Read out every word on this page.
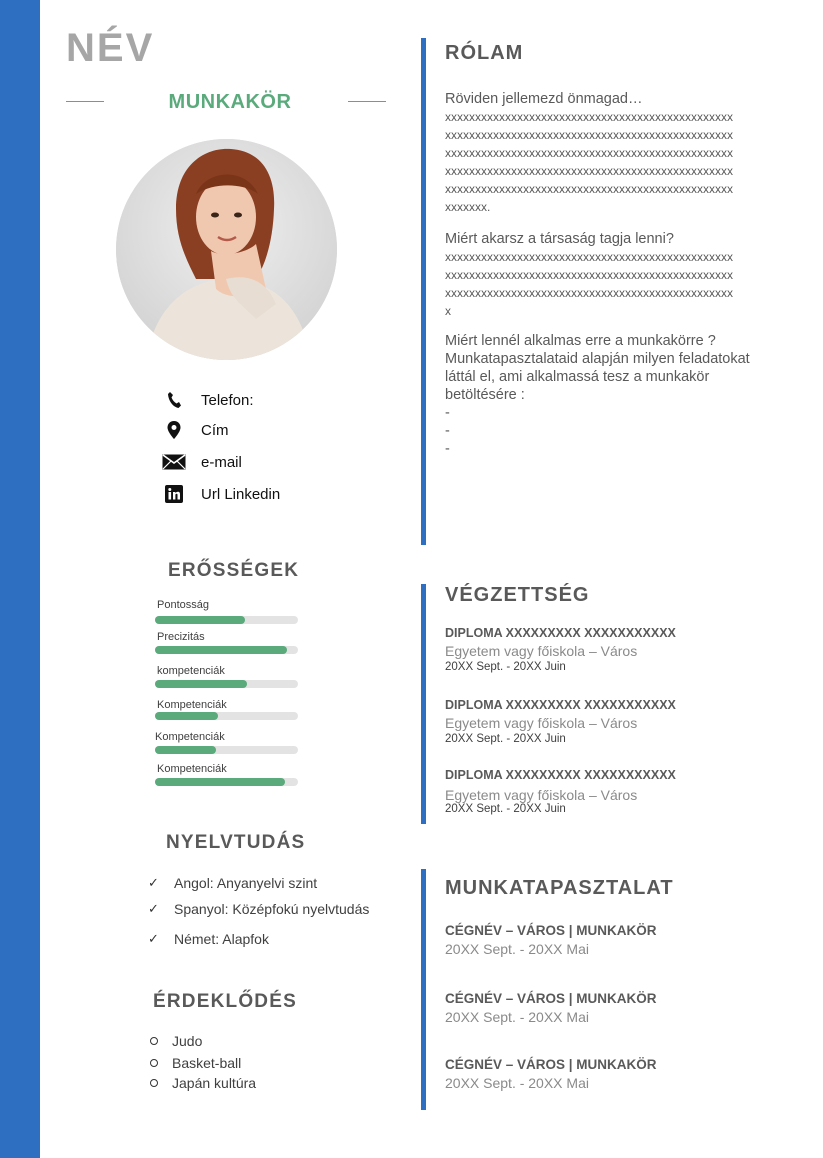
NÉV
MUNKAKÖR
Telefon:
Cím
e-mail
Url Linkedin
ERŐSSÉGEK
Pontosság
Precizitás
kompetenciák
Kompetenciák
Kompetenciák
Kompetenciák
NYELVTUDÁS
✓	Angol: Anyanyelvi szint
✓	Spanyol: Középfokú nyelvtudás
✓	Német: Alapfok
ÉRDEKLŐDÉS
Judo
Basket-ball
Japán kultúra
RÓLAM
Röviden jellemezd önmagad…
xxxxxxxxxxxxxxxxxxxxxxxxxxxxxxxxxxxxxxxxxxxxxxxx
xxxxxxxxxxxxxxxxxxxxxxxxxxxxxxxxxxxxxxxxxxxxxxxx
xxxxxxxxxxxxxxxxxxxxxxxxxxxxxxxxxxxxxxxxxxxxxxxx
xxxxxxxxxxxxxxxxxxxxxxxxxxxxxxxxxxxxxxxxxxxxxxxx
xxxxxxxxxxxxxxxxxxxxxxxxxxxxxxxxxxxxxxxxxxxxxxxx
xxxxxxx.
Miért akarsz a társaság tagja lenni?
xxxxxxxxxxxxxxxxxxxxxxxxxxxxxxxxxxxxxxxxxxxxxxxx
xxxxxxxxxxxxxxxxxxxxxxxxxxxxxxxxxxxxxxxxxxxxxxxx
xxxxxxxxxxxxxxxxxxxxxxxxxxxxxxxxxxxxxxxxxxxxxxxx
x
Miért lennél alkalmas erre a munkakörre ?
Munkatapasztalataid alapján milyen feladatokat
láttál el, ami alkalmassá tesz a munkakör
betöltésére :
-
-
-
VÉGZETTSÉG
DIPLOMA XXXXXXXXX XXXXXXXXXXX
Egyetem vagy főiskola – Város
20XX Sept. - 20XX Juin
DIPLOMA XXXXXXXXX XXXXXXXXXXX
Egyetem vagy főiskola – Város
20XX Sept. - 20XX Juin
DIPLOMA XXXXXXXXX XXXXXXXXXXX
Egyetem vagy főiskola – Város
20XX Sept. - 20XX Juin
MUNKATAPASZTALAT
CÉGNÉV – VÁROS | MUNKAKÖR
20XX Sept. - 20XX Mai
CÉGNÉV – VÁROS | MUNKAKÖR
20XX Sept. - 20XX Mai
CÉGNÉV – VÁROS | MUNKAKÖR
20XX Sept. - 20XX Mai
